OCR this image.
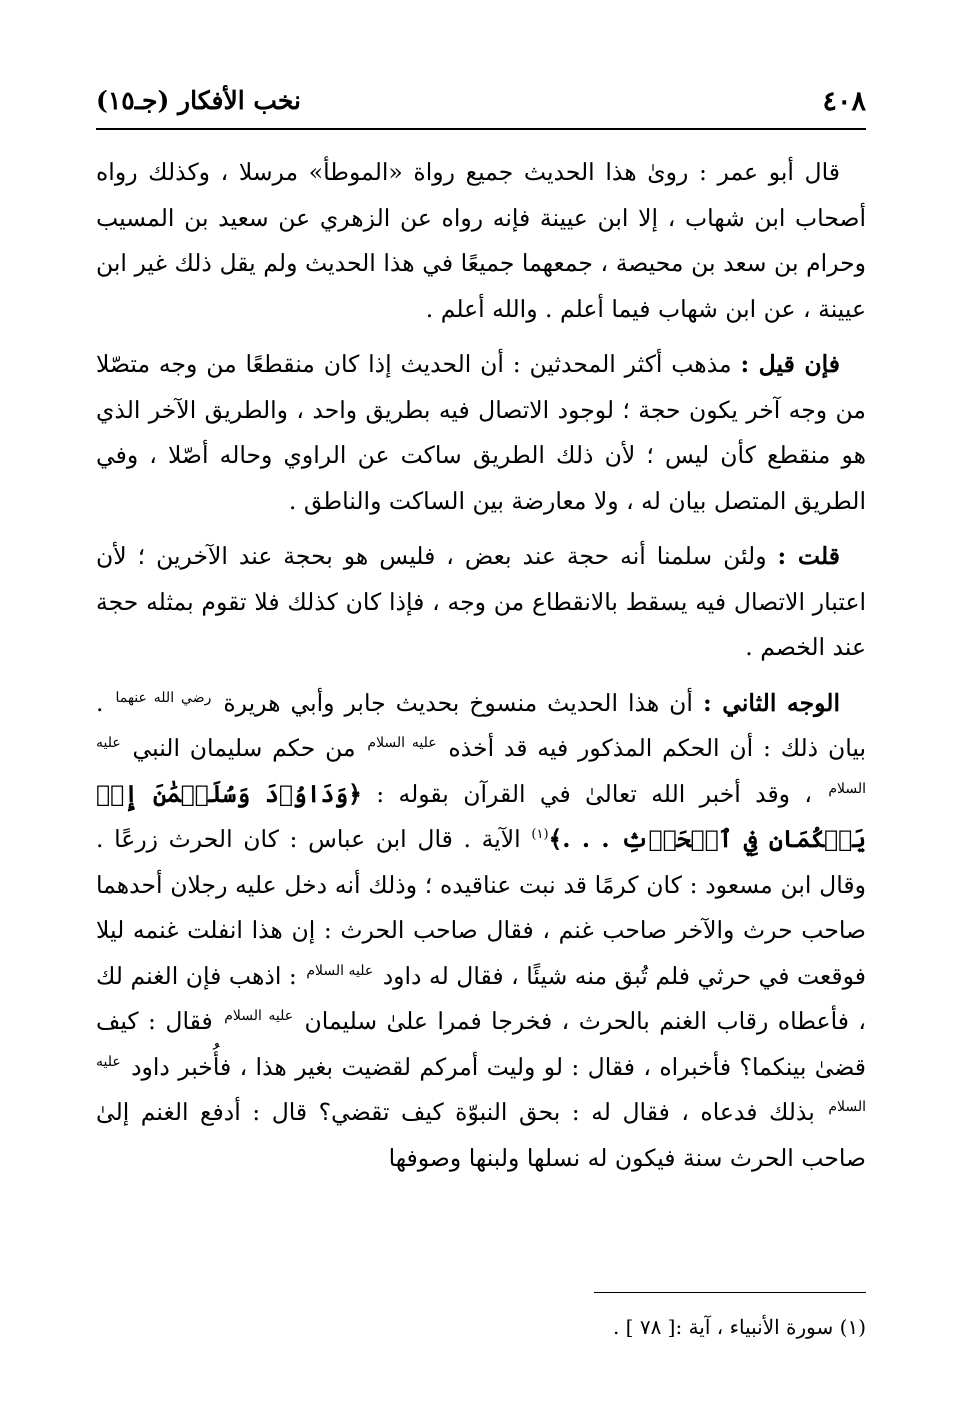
٤٠٨
نخب الأفكار (جـ١٥)

قال أبو عمر : روىٰ هذا الحديث جميع رواة «الموطأ» مرسلا ، وكذلك رواه أصحاب ابن شهاب ، إلا ابن عيينة فإنه رواه عن الزهري عن سعيد بن المسيب وحرام بن سعد بن محيصة ، جمعهما جميعًا في هذا الحديث ولم يقل ذلك غير ابن عيينة ، عن ابن شهاب فيما أعلم . والله أعلم .

فإن قيل : مذهب أكثر المحدثين : أن الحديث إذا كان منقطعًا من وجه متصّلا من وجه آخر يكون حجة ؛ لوجود الاتصال فيه بطريق واحد ، والطريق الآخر الذي هو منقطع كأن ليس ؛ لأن ذلك الطريق ساكت عن الراوي وحاله أصّلا ، وفي الطريق المتصل بيان له ، ولا معارضة بين الساكت والناطق .

قلت : ولئن سلمنا أنه حجة عند بعض ، فليس هو بحجة عند الآخرين ؛ لأن اعتبار الاتصال فيه يسقط بالانقطاع من وجه ، فإذا كان كذلك فلا تقوم بمثله حجة عند الخصم .

الوجه الثاني : أن هذا الحديث منسوخ بحديث جابر وأبي هريرة $^{رضي الله عنهما}$ . بيان ذلك : أن الحكم المذكور فيه قد أخذه $^{عليه السلام}$ من حكم سليمان النبي $^{عليه السلام}$ ، وقد أخبر الله تعالىٰ في القرآن بقوله : ﴿وَدَاوُۥدَ وَسُلَيۡمَٰنَ إِذۡ يَحۡكُمَانِ فِي ٱلۡحَرۡثِ . . .﴾$^{(١)}$ الآية . قال ابن عباس : كان الحرث زرعًا . وقال ابن مسعود : كان كرمًا قد نبت عناقيده ؛ وذلك أنه دخل عليه رجلان أحدهما صاحب حرث والآخر صاحب غنم ، فقال صاحب الحرث : إن هذا انفلت غنمه ليلا فوقعت في حرثي فلم تُبق منه شيئًا ، فقال له داود $^{عليه السلام}$ : اذهب فإن الغنم لك ، فأعطاه رقاب الغنم بالحرث ، فخرجا فمرا علىٰ سليمان $^{عليه السلام}$ فقال : كيف قضىٰ بينكما؟ فأخبراه ، فقال : لو وليت أمركم لقضيت بغير هذا ، فأُخبر داود $^{عليه السلام}$ بذلك فدعاه ، فقال له : بحق النبوّة كيف تقضي؟ قال : أدفع الغنم إلىٰ صاحب الحرث سنة فيكون له نسلها ولبنها وصوفها

(١) سورة الأنبياء ، آية :[ ٧٨ ] .
